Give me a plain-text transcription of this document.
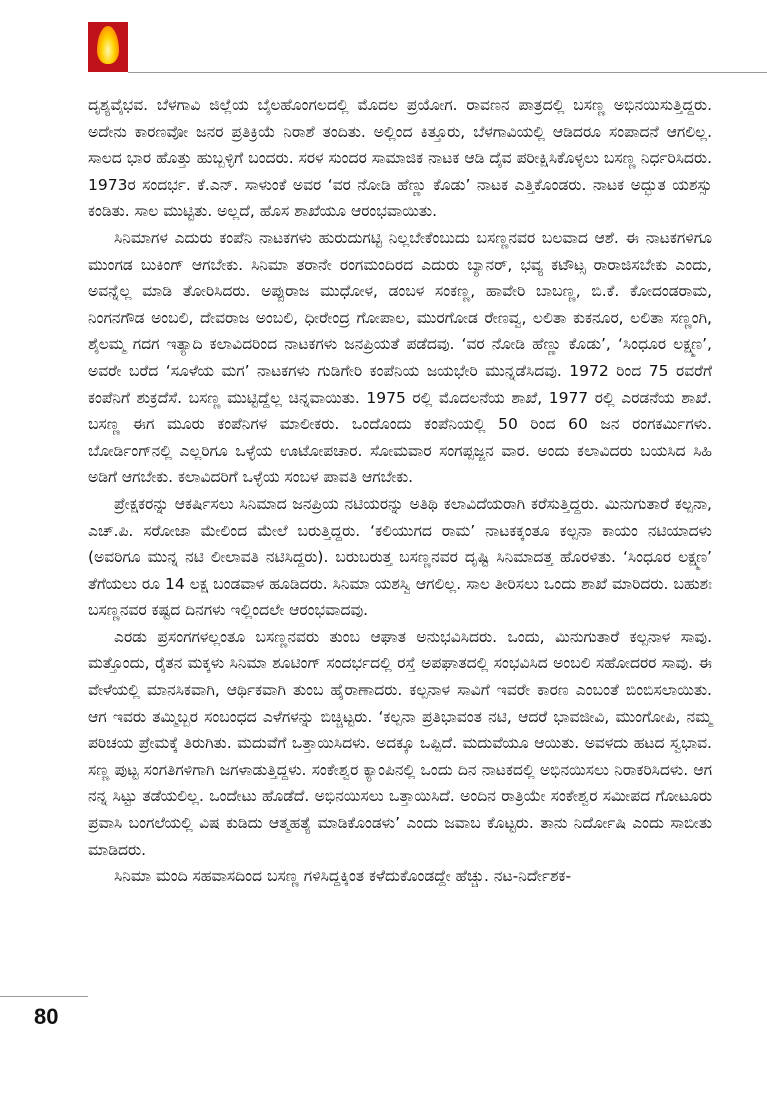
ದೃಶ್ಯವೈಭವ. ಬೆಳಗಾವಿ ಜಿಲ್ಲೆಯ ಬೈಲಹೊಂಗಲದಲ್ಲಿ ಮೊದಲ ಪ್ರಯೋಗ. ರಾವಣನ ಪಾತ್ರದಲ್ಲಿ ಬಸಣ್ಣ ಅಭಿನಯಿಸುತ್ತಿದ್ದರು. ಅದೇನು ಕಾರಣವೋ ಜನರ ಪ್ರತಿಕ್ರಿಯೆ ನಿರಾಶೆ ತಂದಿತು. ಅಲ್ಲಿಂದ ಕಿತ್ತೂರು, ಬೆಳಗಾವಿಯಲ್ಲಿ ಆಡಿದರೂ ಸಂಪಾದನೆ ಆಗಲಿಲ್ಲ. ಸಾಲದ ಭಾರ ಹೊತ್ತು ಹುಬ್ಬಳ್ಳಿಗೆ ಬಂದರು. ಸರಳ ಸುಂದರ ಸಾಮಾಜಿಕ ನಾಟಕ ಆಡಿ ದೈವ ಪರೀಕ್ಷಿಸಿಕೊಳ್ಳಲು ಬಸಣ್ಣ ನಿರ್ಧರಿಸಿದರು. 1973ರ ಸಂದರ್ಭ. ಕೆ.ಎನ್. ಸಾಳುಂಕೆ ಅವರ ‘ವರ ನೋಡಿ ಹೆಣ್ಣು ಕೊಡು’ ನಾಟಕ ಎತ್ತಿಕೊಂಡರು. ನಾಟಕ ಅದ್ಭುತ ಯಶಸ್ಸು ಕಂಡಿತು. ಸಾಲ ಮುಟ್ಟಿತು. ಅಲ್ಲದೆ, ಹೊಸ ಶಾಖೆಯೂ ಆರಂಭವಾಯಿತು.

ಸಿನಿಮಾಗಳ ಎದುರು ಕಂಪೆನಿ ನಾಟಕಗಳು ಹುರುದುಗಟ್ಟಿ ನಿಲ್ಲಬೇಕೆಂಬುದು ಬಸಣ್ಣನವರ ಬಲವಾದ ಆಶೆ. ಈ ನಾಟಕಗಳಿಗೂ ಮುಂಗಡ ಬುಕಿಂಗ್ ಆಗಬೇಕು. ಸಿನಿಮಾ ತರಾನೇ ರಂಗಮಂದಿರದ ಎದುರು ಬ್ಯಾನರ್, ಭವ್ಯ ಕಟೌಟ್ಸ ರಾರಾಜಿಸಬೇಕು ಎಂದು, ಅವನ್ನೆಲ್ಲ ಮಾಡಿ ತೋರಿಸಿದರು. ಅಪ್ಪುರಾಜ ಮುಧೋಳ, ಡಂಬಳ ಸಂಕಣ್ಣ, ಹಾವೇರಿ ಬಾಬಣ್ಣ, ಬಿ.ಕೆ. ಕೋದಂಡರಾಮ, ನಿಂಗನಗೌಡ ಅಂಬಲಿ, ದೇವರಾಜ ಅಂಬಲಿ, ಧೀರೇಂದ್ರ ಗೋಪಾಲ, ಮುರಗೋಡ ರೇಣವ್ವ, ಲಲಿತಾ ಕುಕನೂರ, ಲಲಿತಾ ಸಣ್ಣಂಗಿ, ಶೈಲಮ್ಮ ಗದಗ ಇತ್ಯಾದಿ ಕಲಾವಿದರಿಂದ ನಾಟಕಗಳು ಜನಪ್ರಿಯತೆ ಪಡೆದವು. ‘ವರ ನೋಡಿ ಹೆಣ್ಣು ಕೊಡು’, ‘ಸಿಂಧೂರ ಲಕ್ಷ್ಮಣ’, ಅವರೇ ಬರೆದ ‘ಸೂಳೆಯ ಮಗ’ ನಾಟಕಗಳು ಗುಡಿಗೇರಿ ಕಂಪೆನಿಯ ಜಯಭೇರಿ ಮುನ್ನಡೆಸಿದವು. 1972 ರಿಂದ 75 ರವರೆಗೆ ಕಂಪೆನಿಗೆ ಶುಕ್ರದೆಸೆ. ಬಸಣ್ಣ ಮುಟ್ಟಿದ್ದೆಲ್ಲ ಚಿನ್ನವಾಯಿತು. 1975 ರಲ್ಲಿ ಮೊದಲನೆಯ ಶಾಖೆ, 1977 ರಲ್ಲಿ ಎರಡನೆಯ ಶಾಖೆ. ಬಸಣ್ಣ ಈಗ ಮೂರು ಕಂಪೆನಿಗಳ ಮಾಲೀಕರು. ಒಂದೊಂದು ಕಂಪೆನಿಯಲ್ಲಿ 50 ರಿಂದ 60 ಜನ ರಂಗಕರ್ಮಿಗಳು. ಬೋರ್ಡಿಂಗ್‌ನಲ್ಲಿ ಎಲ್ಲರಿಗೂ ಒಳ್ಳೆಯ ಊಟೋಪಚಾರ. ಸೋಮವಾರ ಸಂಗಪ್ಪಜ್ಜನ ವಾರ. ಅಂದು ಕಲಾವಿದರು ಬಯಸಿದ ಸಿಹಿ ಅಡಿಗೆ ಆಗಬೇಕು. ಕಲಾವಿದರಿಗೆ ಒಳ್ಳೆಯ ಸಂಬಳ ಪಾವತಿ ಆಗಬೇಕು.

ಪ್ರೇಕ್ಷಕರನ್ನು ಆಕರ್ಷಿಸಲು ಸಿನಿಮಾದ ಜನಪ್ರಿಯ ನಟಿಯರನ್ನು ಅತಿಥಿ ಕಲಾವಿದೆಯರಾಗಿ ಕರೆಸುತ್ತಿದ್ದರು. ಮಿನುಗುತಾರೆ ಕಲ್ಪನಾ, ಎಚ್.ಪಿ. ಸರೋಜಾ ಮೇಲಿಂದ ಮೇಲೆ ಬರುತ್ತಿದ್ದರು. ‘ಕಲಿಯುಗದ ರಾಮ’ ನಾಟಕಕ್ಕಂತೂ ಕಲ್ಪನಾ ಕಾಯಂ ನಟಿಯಾದಳು (ಅವರಿಗೂ ಮುನ್ನ ನಟಿ ಲೀಲಾವತಿ ನಟಿಸಿದ್ದರು). ಬರುಬರುತ್ತ ಬಸಣ್ಣನವರ ದೃಷ್ಟಿ ಸಿನಿಮಾದತ್ತ ಹೊರಳಿತು. ‘ಸಿಂಧೂರ ಲಕ್ಷ್ಮಣ’ ತೆಗೆಯಲು ರೂ 14 ಲಕ್ಷ ಬಂಡವಾಳ ಹೂಡಿದರು. ಸಿನಿಮಾ ಯಶಸ್ವಿ ಆಗಲಿಲ್ಲ. ಸಾಲ ತೀರಿಸಲು ಒಂದು ಶಾಖೆ ಮಾರಿದರು. ಬಹುಶಃ ಬಸಣ್ಣನವರ ಕಷ್ಟದ ದಿನಗಳು ಇಲ್ಲಿಂದಲೇ ಆರಂಭವಾದವು.

ಎರಡು ಪ್ರಸಂಗಗಳಲ್ಲಂತೂ ಬಸಣ್ಣನವರು ತುಂಬ ಆಘಾತ ಅನುಭವಿಸಿದರು. ಒಂದು, ಮಿನುಗುತಾರೆ ಕಲ್ಪನಾಳ ಸಾವು. ಮತ್ತೊಂದು, ರೈತನ ಮಕ್ಕಳು ಸಿನಿಮಾ ಶೂಟಿಂಗ್ ಸಂದರ್ಭದಲ್ಲಿ ರಸ್ತೆ ಅಪಘಾತದಲ್ಲಿ ಸಂಭವಿಸಿದ ಅಂಬಲಿ ಸಹೋದರರ ಸಾವು. ಈ ವೇಳೆಯಲ್ಲಿ ಮಾನಸಿಕವಾಗಿ, ಆರ್ಥಿಕವಾಗಿ ತುಂಬ ಹೈರಾಣಾದರು. ಕಲ್ಪನಾಳ ಸಾವಿಗೆ ಇವರೇ ಕಾರಣ ಎಂಬಂತೆ ಬಿಂಬಿಸಲಾಯಿತು. ಆಗ ಇವರು ತಮ್ಮಿಬ್ಬರ ಸಂಬಂಧದ ಎಳೆಗಳನ್ನು ಬಿಚ್ಚಿಟ್ಟರು. ‘ಕಲ್ಪನಾ ಪ್ರತಿಭಾವಂತ ನಟಿ, ಆದರೆ ಭಾವಜೀವಿ, ಮುಂಗೋಪಿ, ನಮ್ಮ ಪರಿಚಯ ಪ್ರೇಮಕ್ಕೆ ತಿರುಗಿತು. ಮದುವೆಗೆ ಒತ್ತಾಯಿಸಿದಳು. ಅದಕ್ಕೂ ಒಪ್ಪಿದೆ. ಮದುವೆಯೂ ಆಯಿತು. ಅವಳದು ಹಟದ ಸ್ವಭಾವ. ಸಣ್ಣ ಪುಟ್ಟ ಸಂಗತಿಗಳಿಗಾಗಿ ಜಗಳಾಡುತ್ತಿದ್ದಳು. ಸಂಕೇಶ್ವರ ಕ್ಯಾಂಪಿನಲ್ಲಿ ಒಂದು ದಿನ ನಾಟಕದಲ್ಲಿ ಅಭಿನಯಿಸಲು ನಿರಾಕರಿಸಿದಳು. ಆಗ ನನ್ನ ಸಿಟ್ಟು ತಡೆಯಲಿಲ್ಲ. ಒಂದೇಟು ಹೊಡೆದೆ. ಅಭಿನಯಿಸಲು ಒತ್ತಾಯಿಸಿದೆ. ಅಂದಿನ ರಾತ್ರಿಯೇ ಸಂಕೇಶ್ವರ ಸಮೀಪದ ಗೋಟೂರು ಪ್ರವಾಸಿ ಬಂಗಲೆಯಲ್ಲಿ ವಿಷ ಕುಡಿದು ಆತ್ಮಹತ್ಯೆ ಮಾಡಿಕೊಂಡಳು’ ಎಂದು ಜವಾಬ ಕೊಟ್ಟರು. ತಾನು ನಿರ್ದೋಷಿ ಎಂದು ಸಾಬೀತು ಮಾಡಿದರು.

ಸಿನಿಮಾ ಮಂದಿ ಸಹವಾಸದಿಂದ ಬಸಣ್ಣ ಗಳಿಸಿದ್ದಕ್ಕಿಂತ ಕಳೆದುಕೊಂಡದ್ದೇ ಹೆಚ್ಚು. ನಟ-ನಿರ್ದೇಶಕ-

80
